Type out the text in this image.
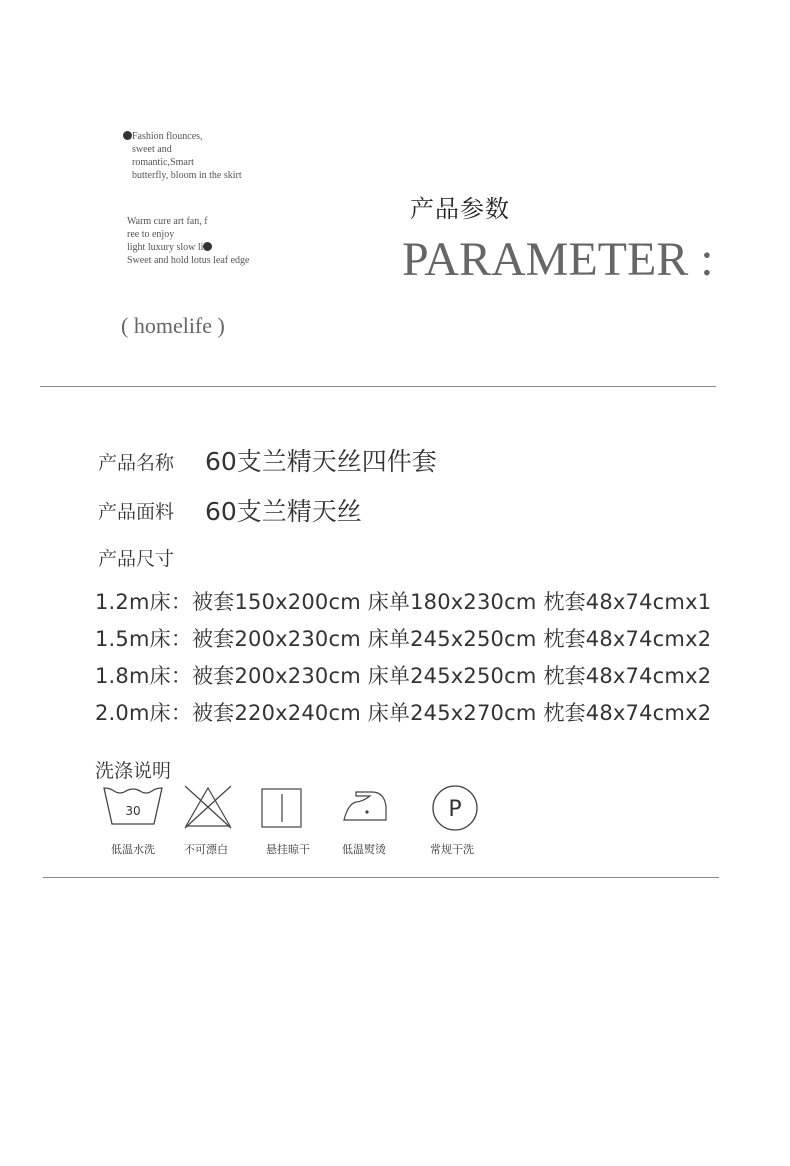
Fashion flounces,
sweet and
romantic,Smart
butterfly, bloom in the skirt
Warm cure art fan, f
ree to enjoy
light luxury slow li
Sweet and hold lotus leaf edge
产品参数
PARAMETER :
( homelife )
产品名称 60支兰精天丝四件套
产品面料 60支兰精天丝
产品尺寸
1.2m床：被套150x200cm 床单180x230cm 枕套48x74cmx1
1.5m床：被套200x230cm 床单245x250cm 枕套48x74cmx2
1.8m床：被套200x230cm 床单245x250cm 枕套48x74cmx2
2.0m床：被套220x240cm 床单245x270cm 枕套48x74cmx2
洗涤说明
30
低温水洗	不可漂白	悬挂晾干	低温熨烫
P
常规干洗
